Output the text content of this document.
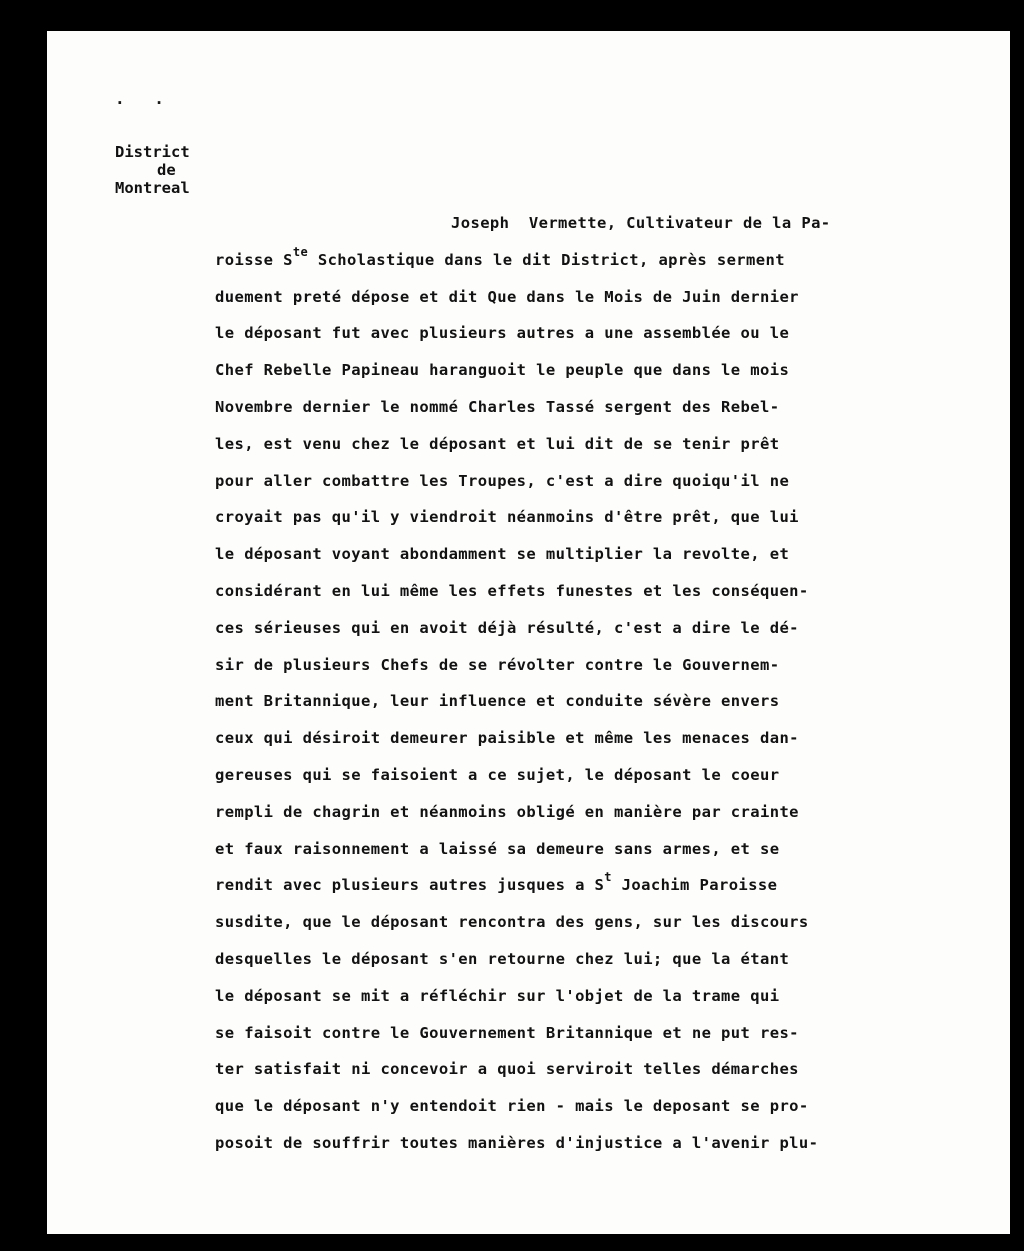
. .
District
de
Montreal
Joseph  Vermette, Cultivateur de la Pa-
roisse $S^{te}$ Scholastique dans le dit District, après serment
duement preté dépose et dit Que dans le Mois de Juin dernier
le déposant fut avec plusieurs autres a une assemblée ou le
Chef Rebelle Papineau haranguoit le peuple que dans le mois
Novembre dernier le nommé Charles Tassé sergent des Rebel-
les, est venu chez le déposant et lui dit de se tenir prêt
pour aller combattre les Troupes, c'est a dire quoiqu'il ne
croyait pas qu'il y viendroit néanmoins d'être prêt, que lui
le déposant voyant abondamment se multiplier la revolte, et
considérant en lui même les effets funestes et les conséquen-
ces sérieuses qui en avoit déjà résulté, c'est a dire le dé-
sir de plusieurs Chefs de se révolter contre le Gouvernem-
ment Britannique, leur influence et conduite sévère envers
ceux qui désiroit demeurer paisible et même les menaces dan-
gereuses qui se faisoient a ce sujet, le déposant le coeur
rempli de chagrin et néanmoins obligé en manière par crainte
et faux raisonnement a laissé sa demeure sans armes, et se
rendit avec plusieurs autres jusques a $S^t$ Joachim Paroisse
susdite, que le déposant rencontra des gens, sur les discours
desquelles le déposant s'en retourne chez lui; que la étant
le déposant se mit a réfléchir sur l'objet de la trame qui
se faisoit contre le Gouvernement Britannique et ne put res-
ter satisfait ni concevoir a quoi serviroit telles démarches
que le déposant n'y entendoit rien - mais le deposant se pro-
posoit de souffrir toutes manières d'injustice a l'avenir plu-
